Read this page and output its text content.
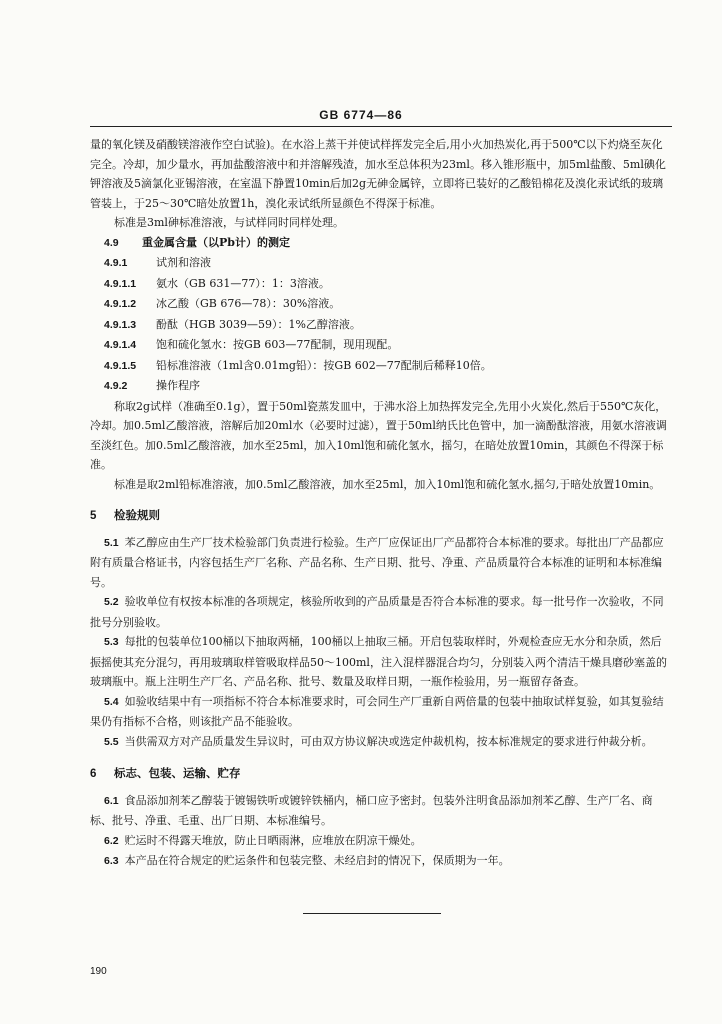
GB 6774—86

量的氧化镁及硝酸镁溶液作空白试验)。在水浴上蒸干并使试样挥发完全后,用小火加热炭化,再于500℃以下灼烧至灰化完全。冷却，加少量水，再加盐酸溶液中和并溶解残渣，加水至总体积为23ml。移入锥形瓶中，加5ml盐酸、5ml碘化钾溶液及5滴氯化亚锡溶液，在室温下静置10min后加2g无砷金属锌，立即将已装好的乙酸铅棉花及溴化汞试纸的玻璃管装上，于25～30℃暗处放置1h，溴化汞试纸所显颜色不得深于标准。

标准是3ml砷标准溶液，与试样同时同样处理。

4.9 重金属含量（以Pb计）的测定

4.9.1	试剂和溶液

4.9.1.1 氨水（GB 631—77）：1：3溶液。

4.9.1.2 冰乙酸（GB 676—78）：30%溶液。

4.9.1.3 酚酞（HGB 3039—59）：1%乙醇溶液。

4.9.1.4 饱和硫化氢水：按GB 603—77配制，现用现配。

4.9.1.5 铅标准溶液（1ml含0.01mg铅）：按GB 602—77配制后稀释10倍。

4.9.2	操作程序

称取2g试样（准确至0.1g），置于50ml瓷蒸发皿中，于沸水浴上加热挥发完全,先用小火炭化,然后于550℃灰化，冷却。加0.5ml乙酸溶液，溶解后加20ml水（必要时过滤），置于50ml纳氏比色管中，加一滴酚酞溶液，用氨水溶液调至淡红色。加0.5ml乙酸溶液，加水至25ml，加入10ml饱和硫化氢水，摇匀，在暗处放置10min，其颜色不得深于标准。

标准是取2ml铅标准溶液，加0.5ml乙酸溶液，加水至25ml，加入10ml饱和硫化氢水,摇匀,于暗处放置10min。

5 检验规则

5.1 苯乙醇应由生产厂技术检验部门负责进行检验。生产厂应保证出厂产品都符合本标准的要求。每批出厂产品都应附有质量合格证书，内容包括生产厂名称、产品名称、生产日期、批号、净重、产品质量符合本标准的证明和本标准编号。

5.2 验收单位有权按本标准的各项规定，核验所收到的产品质量是否符合本标准的要求。每一批号作一次验收，不同批号分别验收。

5.3 每批的包装单位100桶以下抽取两桶，100桶以上抽取三桶。开启包装取样时，外观检查应无水分和杂质，然后振摇使其充分混匀，再用玻璃取样管吸取样品50～100ml，注入混样器混合均匀，分别装入两个清洁干燥具磨砂塞盖的玻璃瓶中。瓶上注明生产厂名、产品名称、批号、数量及取样日期，一瓶作检验用，另一瓶留存备查。

5.4 如验收结果中有一项指标不符合本标准要求时，可会同生产厂重新自两倍量的包装中抽取试样复验，如其复验结果仍有指标不合格，则该批产品不能验收。

5.5 当供需双方对产品质量发生异议时，可由双方协议解决或选定仲裁机构，按本标准规定的要求进行仲裁分析。

6 标志、包装、运输、贮存

6.1 食品添加剂苯乙醇装于镀锡铁听或镀锌铁桶内，桶口应予密封。包装外注明食品添加剂苯乙醇、生产厂名、商标、批号、净重、毛重、出厂日期、本标准编号。

6.2 贮运时不得露天堆放，防止日晒雨淋，应堆放在阴凉干燥处。

6.3 本产品在符合规定的贮运条件和包装完整、未经启封的情况下，保质期为一年。

190
